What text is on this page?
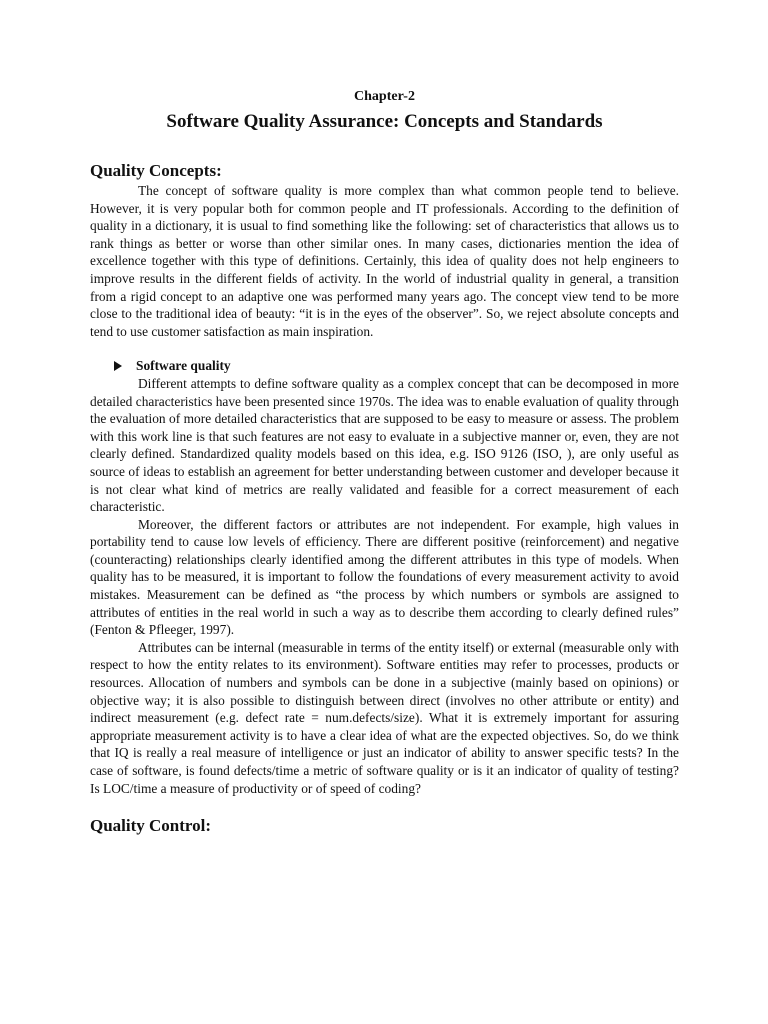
Chapter-2
Software Quality Assurance: Concepts and Standards
Quality Concepts:

The concept of software quality is more complex than what common people tend to believe. However, it is very popular both for common people and IT professionals. According to the definition of quality in a dictionary, it is usual to find something like the following: set of characteristics that allows us to rank things as better or worse than other similar ones. In many cases, dictionaries mention the idea of excellence together with this type of definitions. Certainly, this idea of quality does not help engineers to improve results in the different fields of activity. In the world of industrial quality in general, a transition from a rigid concept to an adaptive one was performed many years ago. The concept view tend to be more close to the traditional idea of beauty: “it is in the eyes of the observer”. So, we reject absolute concepts and tend to use customer satisfaction as main inspiration.

Software quality

Different attempts to define software quality as a complex concept that can be decomposed in more detailed characteristics have been presented since 1970s. The idea was to enable evaluation of quality through the evaluation of more detailed characteristics that are supposed to be easy to measure or assess. The problem with this work line is that such features are not easy to evaluate in a subjective manner or, even, they are not clearly defined. Standardized quality models based on this idea, e.g. ISO 9126 (ISO, ), are only useful as source of ideas to establish an agreement for better understanding between customer and developer because it is not clear what kind of metrics are really validated and feasible for a correct measurement of each characteristic.

Moreover, the different factors or attributes are not independent. For example, high values in portability tend to cause low levels of efficiency. There are different positive (reinforcement) and negative (counteracting) relationships clearly identified among the different attributes in this type of models. When quality has to be measured, it is important to follow the foundations of every measurement activity to avoid mistakes. Measurement can be defined as “the process by which numbers or symbols are assigned to attributes of entities in the real world in such a way as to describe them according to clearly defined rules” (Fenton & Pfleeger, 1997).

Attributes can be internal (measurable in terms of the entity itself) or external (measurable only with respect to how the entity relates to its environment). Software entities may refer to processes, products or resources. Allocation of numbers and symbols can be done in a subjective (mainly based on opinions) or objective way; it is also possible to distinguish between direct (involves no other attribute or entity) and indirect measurement (e.g. defect rate = num.defects/size). What it is extremely important for assuring appropriate measurement activity is to have a clear idea of what are the expected objectives. So, do we think that IQ is really a real measure of intelligence or just an indicator of ability to answer specific tests? In the case of software, is found defects/time a metric of software quality or is it an indicator of quality of testing? Is LOC/time a measure of productivity or of speed of coding?

Quality Control:
